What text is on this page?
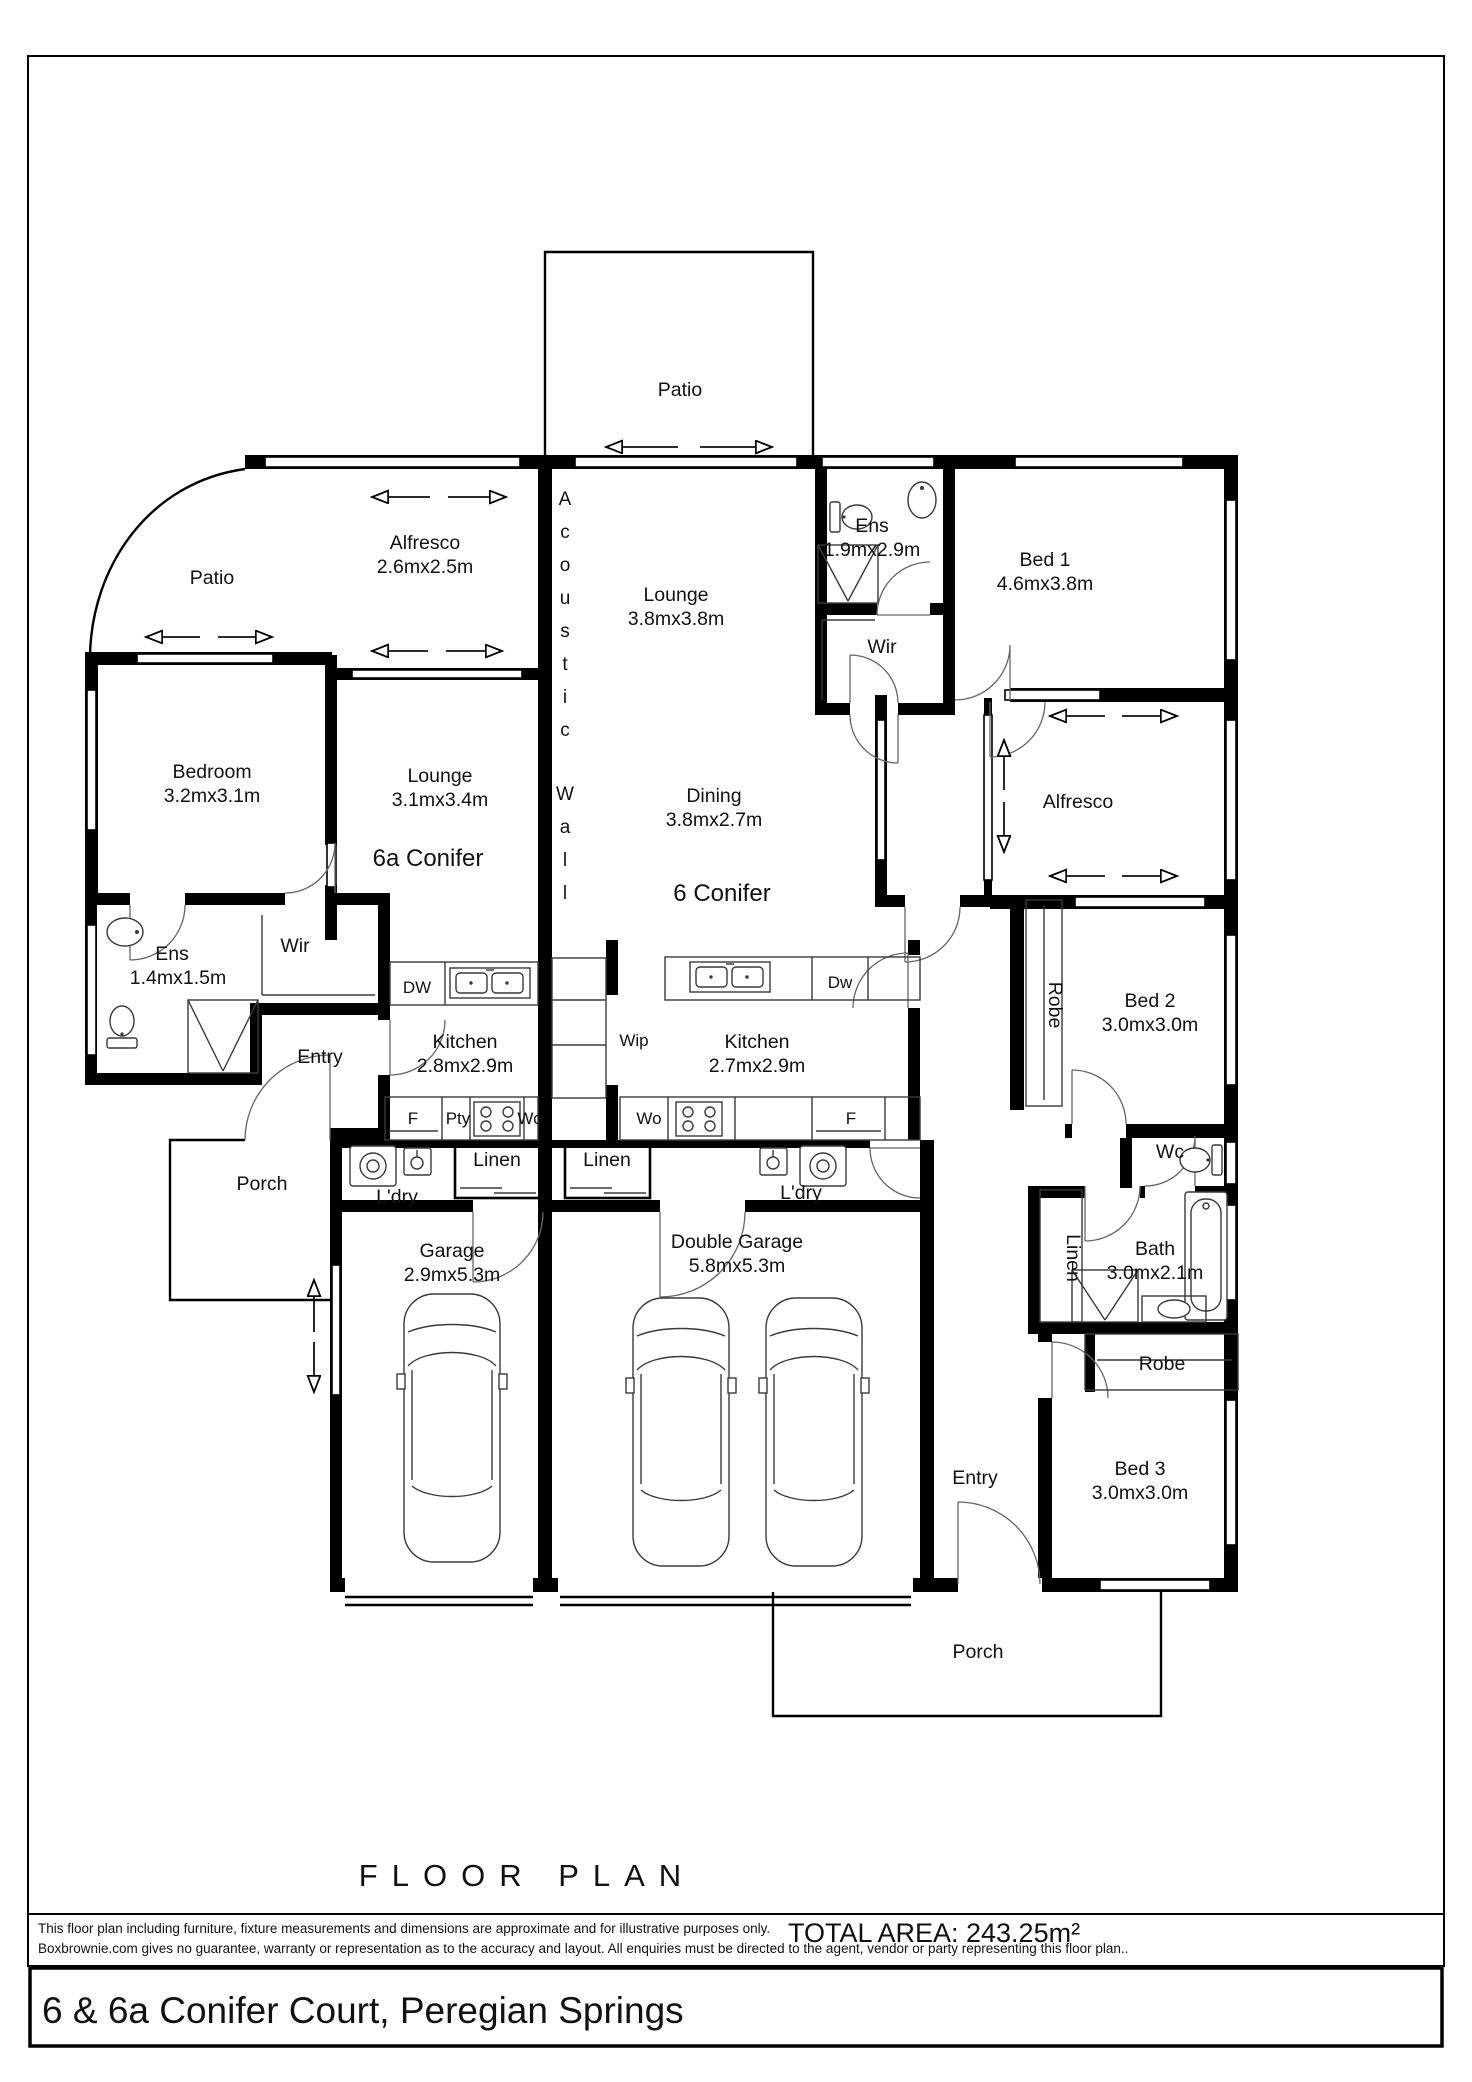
Patio
Alfresco
2.6mx2.5m
Patio
Lounge
3.8mx3.8m
Ens
1.9mx2.9m	Bed 1
4.6mx3.8m
Wir
Alfresco
Bedroom
3.2mx3.1m
Lounge
3.1mx3.4m
6a Conifer
Dining
3.8mx2.7m
6 Conifer
A c o u s t i c
W a l l
Robe	Bed 2
3.0mx3.0m
Wc
Bath
3.0mx2.1m
Linen
Robe
Bed 3
3.0mx3.0m
Entry
Porch
Ens
1.4mx1.5m
Wir
Entry
Porch
Kitchen
2.8mx2.9m
DW
Pty	Wo
F
Wip	Kitchen
2.7mx2.9m
Dw
Wo	F
Linen	Linen
L'dry	L'dry
Garage
2.9mx5.3m
Double Garage
5.8mx5.3m
FLOOR PLAN
TOTAL AREA: 243.25m²
This floor plan including furniture, fixture measurements and dimensions are approximate and for illustrative purposes only.
Boxbrownie.com gives no guarantee, warranty or representation as to the accuracy and layout. All enquiries must be directed to the agent, vendor or party representing this floor plan..
6 & 6a Conifer Court, Peregian Springs
